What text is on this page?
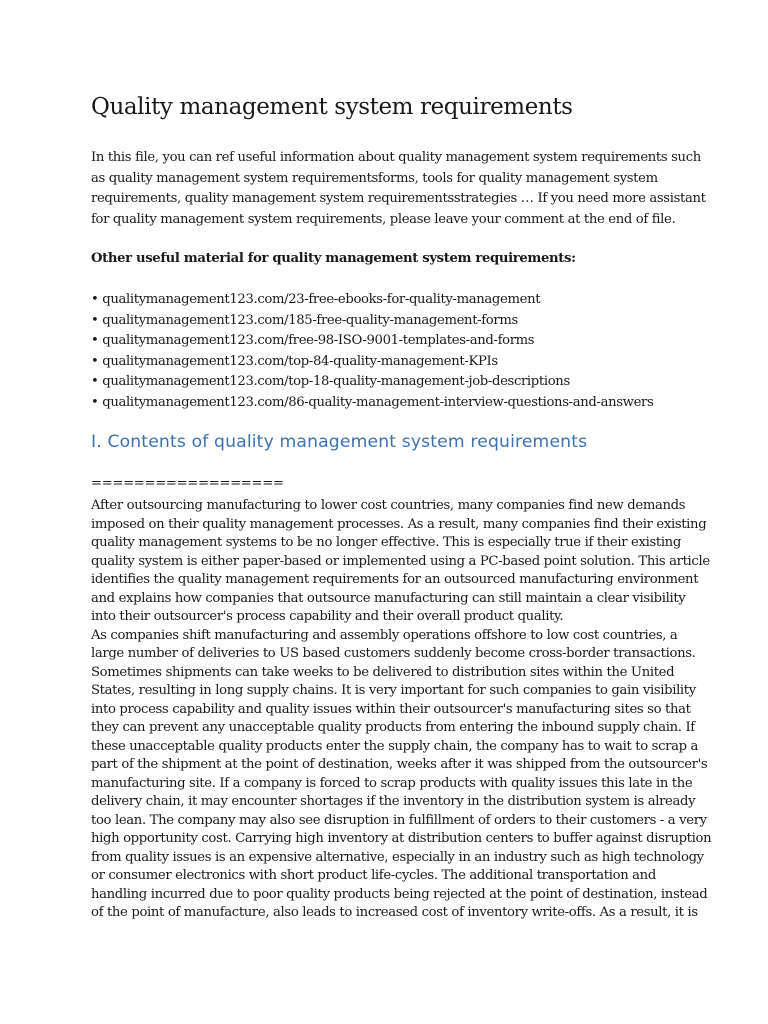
Quality management system requirements
In this file, you can ref useful information about quality management system requirements such
as quality management system requirementsforms, tools for quality management system
requirements, quality management system requirementsstrategies … If you need more assistant
for quality management system requirements, please leave your comment at the end of file.
Other useful material for quality management system requirements:
• qualitymanagement123.com/23-free-ebooks-for-quality-management
• qualitymanagement123.com/185-free-quality-management-forms
• qualitymanagement123.com/free-98-ISO-9001-templates-and-forms
• qualitymanagement123.com/top-84-quality-management-KPIs
• qualitymanagement123.com/top-18-quality-management-job-descriptions
• qualitymanagement123.com/86-quality-management-interview-questions-and-answers
I. Contents of quality management system requirements
==================
After outsourcing manufacturing to lower cost countries, many companies find new demands
imposed on their quality management processes. As a result, many companies find their existing
quality management systems to be no longer effective. This is especially true if their existing
quality system is either paper-based or implemented using a PC-based point solution. This article
identifies the quality management requirements for an outsourced manufacturing environment
and explains how companies that outsource manufacturing can still maintain a clear visibility
into their outsourcer's process capability and their overall product quality.
As companies shift manufacturing and assembly operations offshore to low cost countries, a
large number of deliveries to US based customers suddenly become cross-border transactions.
Sometimes shipments can take weeks to be delivered to distribution sites within the United
States, resulting in long supply chains. It is very important for such companies to gain visibility
into process capability and quality issues within their outsourcer's manufacturing sites so that
they can prevent any unacceptable quality products from entering the inbound supply chain. If
these unacceptable quality products enter the supply chain, the company has to wait to scrap a
part of the shipment at the point of destination, weeks after it was shipped from the outsourcer's
manufacturing site. If a company is forced to scrap products with quality issues this late in the
delivery chain, it may encounter shortages if the inventory in the distribution system is already
too lean. The company may also see disruption in fulfillment of orders to their customers - a very
high opportunity cost. Carrying high inventory at distribution centers to buffer against disruption
from quality issues is an expensive alternative, especially in an industry such as high technology
or consumer electronics with short product life-cycles. The additional transportation and
handling incurred due to poor quality products being rejected at the point of destination, instead
of the point of manufacture, also leads to increased cost of inventory write-offs. As a result, it is
